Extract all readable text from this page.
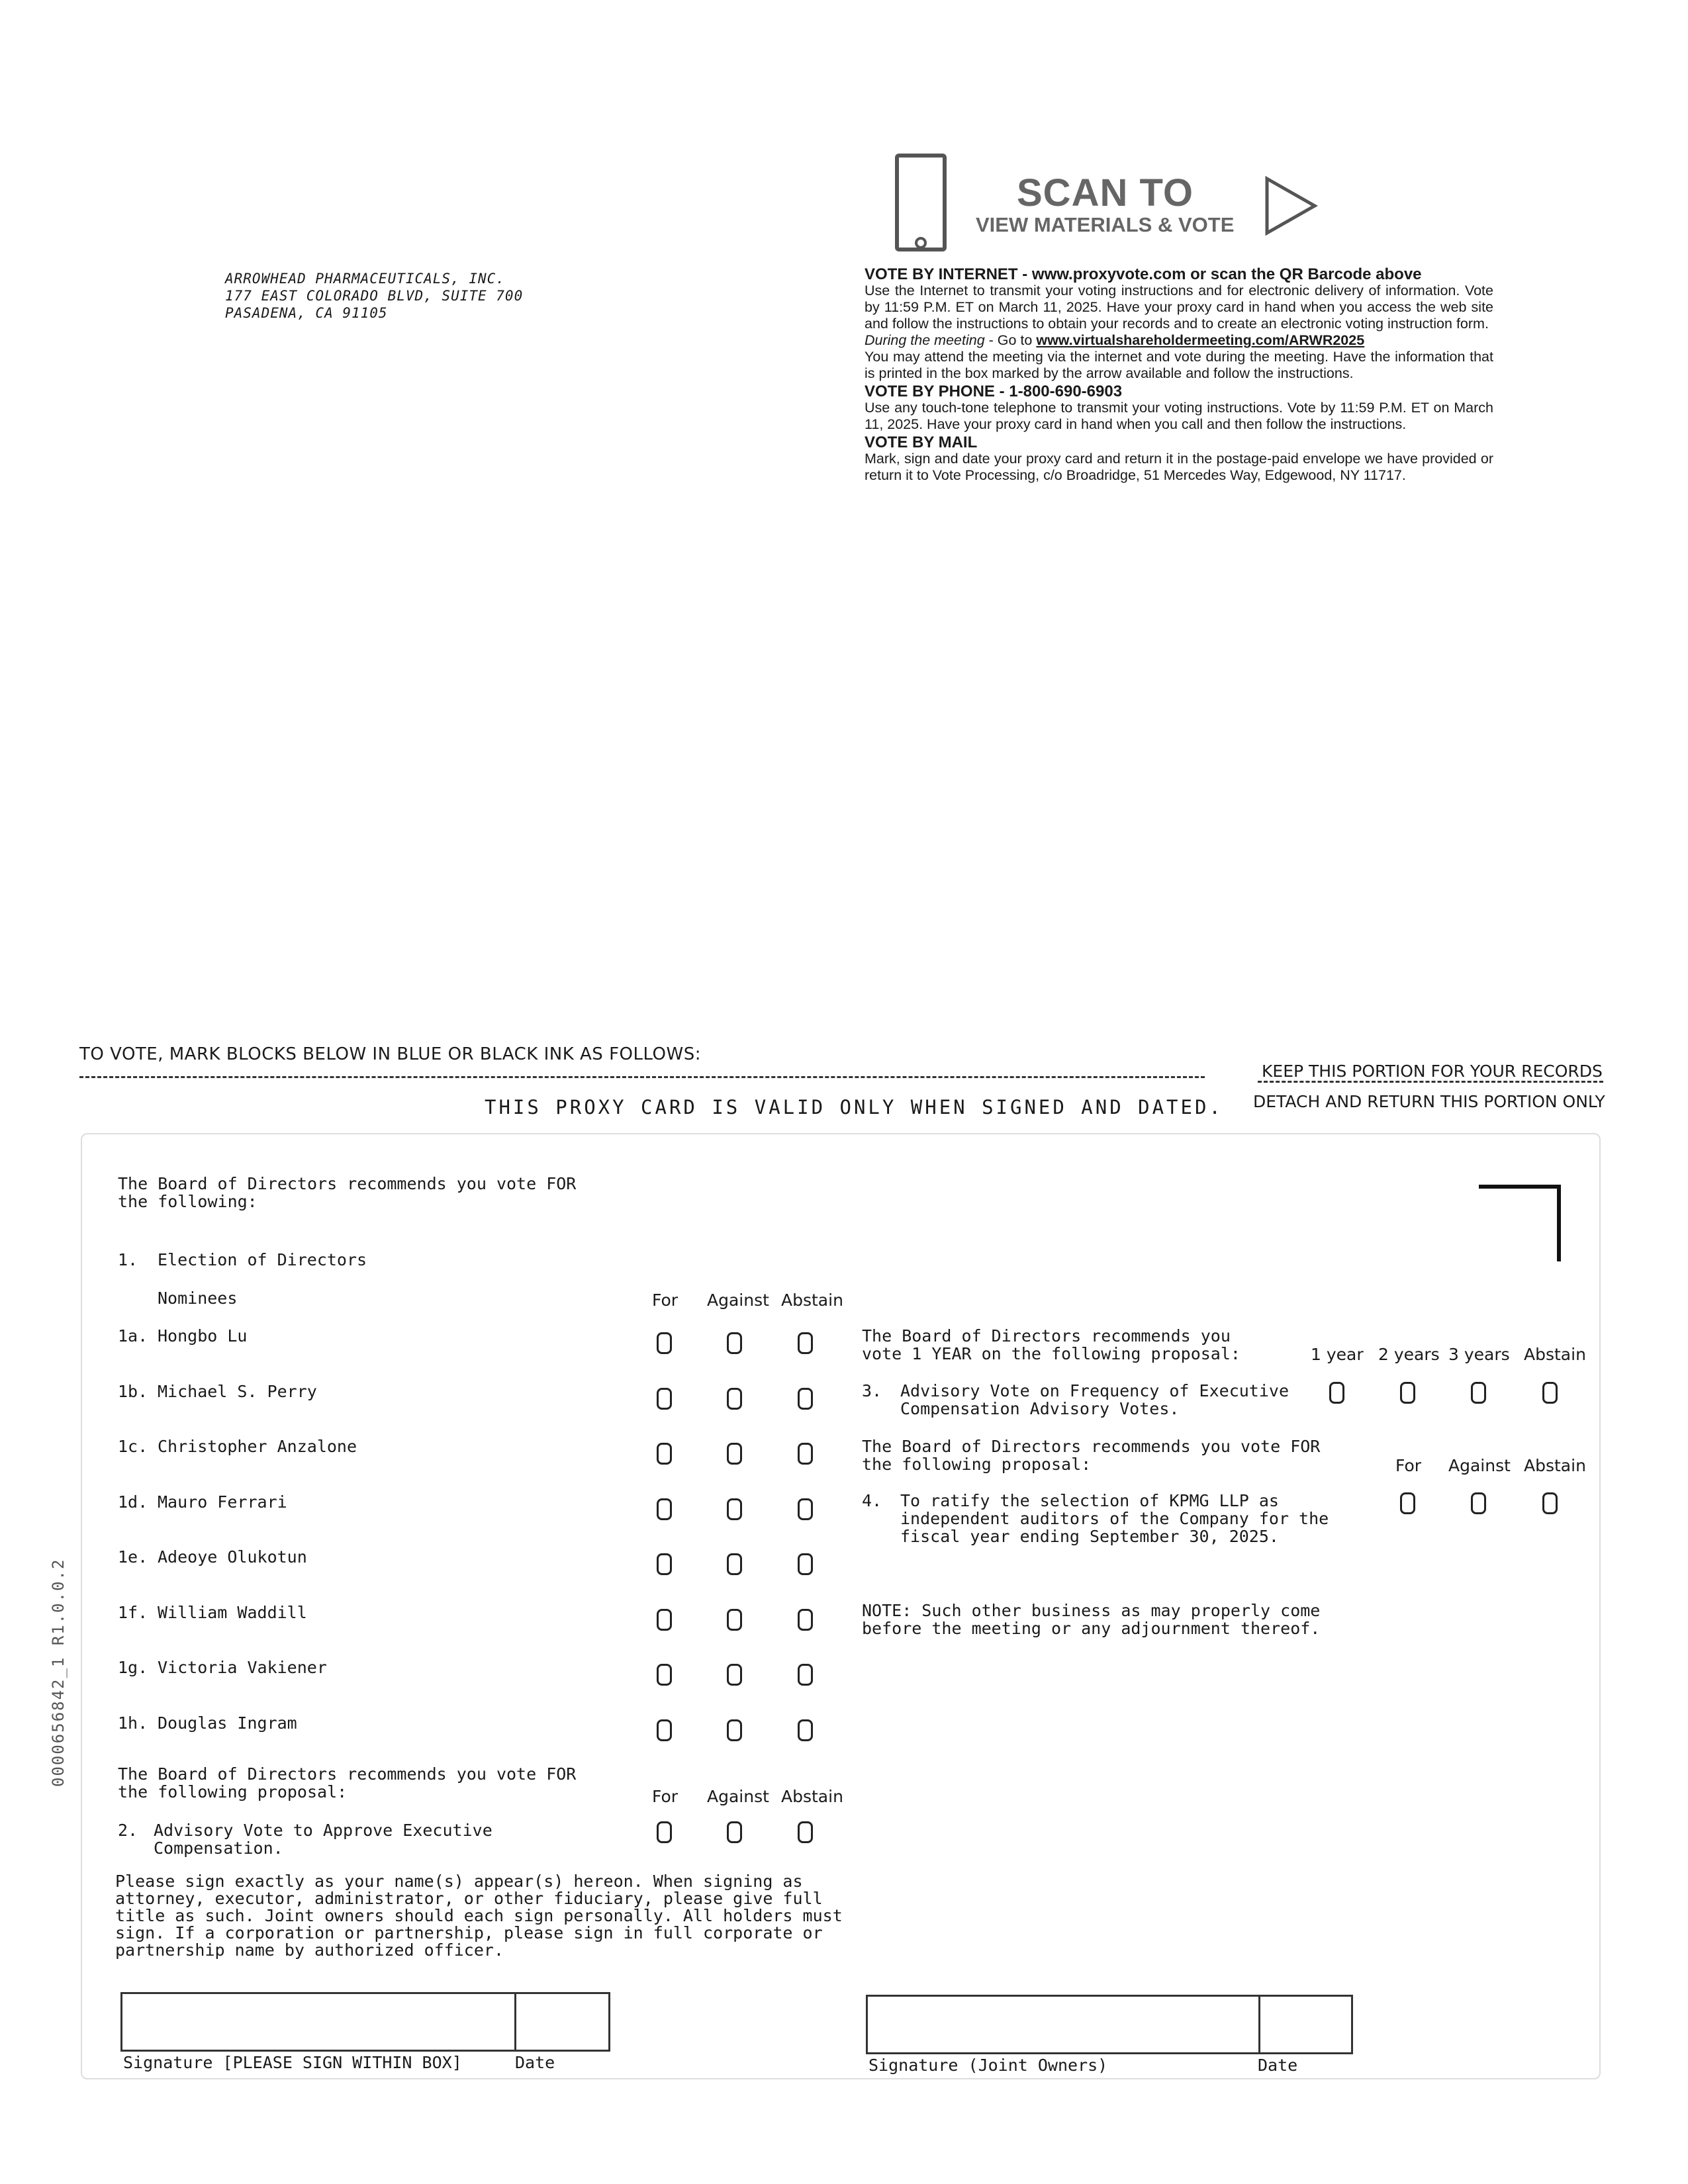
ARROWHEAD PHARMACEUTICALS, INC.
177 EAST COLORADO BLVD, SUITE 700
PASADENA, CA 91105
SCAN TO
VIEW MATERIALS & VOTE
VOTE BY INTERNET - www.proxyvote.com or scan the QR Barcode above

Use the Internet to transmit your voting instructions and for electronic delivery of information. Vote by 11:59 P.M. ET on March 11, 2025. Have your proxy card in hand when you access the web site and follow the instructions to obtain your records and to create an electronic voting instruction form.

During the meeting - Go to www.virtualshareholdermeeting.com/ARWR2025

You may attend the meeting via the internet and vote during the meeting. Have the information that is printed in the box marked by the arrow available and follow the instructions.

VOTE BY PHONE - 1-800-690-6903

Use any touch-tone telephone to transmit your voting instructions. Vote by 11:59 P.M. ET on March 11, 2025. Have your proxy card in hand when you call and then follow the instructions.

VOTE BY MAIL

Mark, sign and date your proxy card and return it in the postage-paid envelope we have provided or return it to Vote Processing, c/o Broadridge, 51 Mercedes Way, Edgewood, NY 11717.

TO VOTE, MARK BLOCKS BELOW IN BLUE OR BLACK INK AS FOLLOWS:
KEEP THIS PORTION FOR YOUR RECORDS
THIS PROXY CARD IS VALID ONLY WHEN SIGNED AND DATED. DETACH AND RETURN THIS PORTION ONLY
The Board of Directors recommends you vote FOR
the following:
1. Election of Directors
Nominees	For Against Abstain
1a. Hongbo Lu
1b. Michael S. Perry
1c. Christopher Anzalone
1d. Mauro Ferrari
1e. Adeoye Olukotun
1f. William Waddill
1g. Victoria Vakiener
1h. Douglas Ingram
The Board of Directors recommends you vote FOR
the following proposal:	For Against Abstain
2. Advisory Vote to Approve Executive
Compensation.
Please sign exactly as your name(s) appear(s) hereon. When signing as
attorney, executor, administrator, or other fiduciary, please give full
title as such. Joint owners should each sign personally. All holders must
sign. If a corporation or partnership, please sign in full corporate or
partnership name by authorized officer.
The Board of Directors recommends you
vote 1 YEAR on the following proposal:	1 year 2 years 3 years Abstain
3. Advisory Vote on Frequency of Executive
Compensation Advisory Votes.
The Board of Directors recommends you vote FOR
the following proposal:	For Against Abstain
4. To ratify the selection of KPMG LLP as
independent auditors of the Company for the
fiscal year ending September 30, 2025.
NOTE: Such other business as may properly come
before the meeting or any adjournment thereof.
Signature [PLEASE SIGN WITHIN BOX]	Date	Signature (Joint Owners)	Date
0000656842_1 R1.0.0.2
